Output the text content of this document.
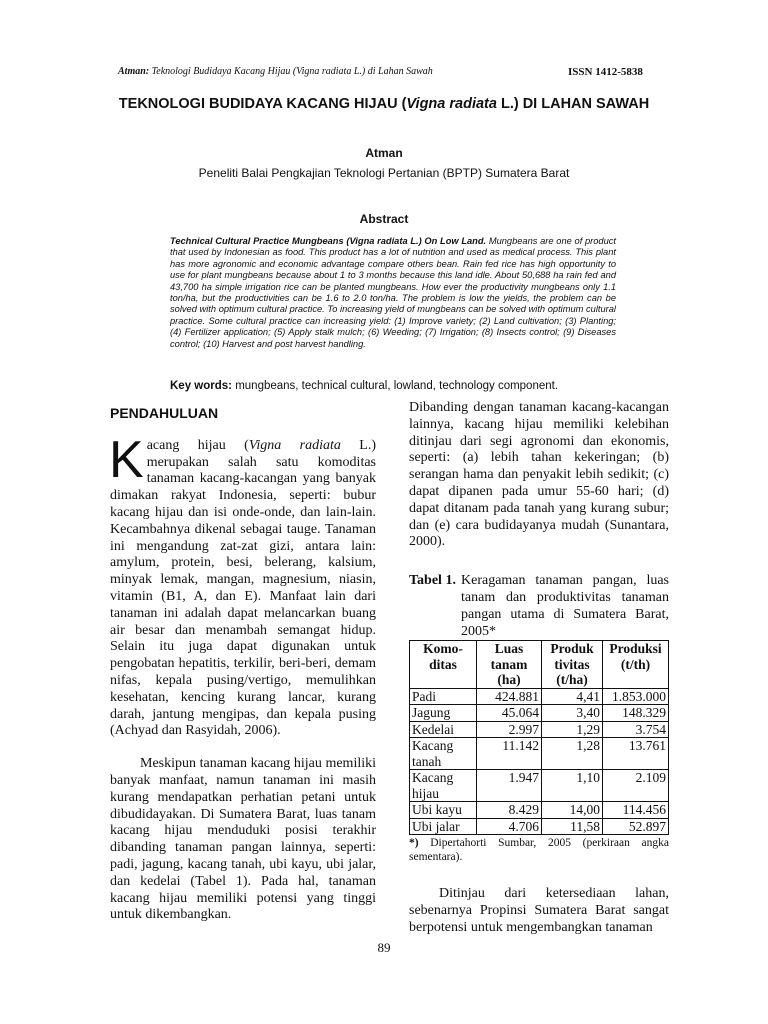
Atman: Teknologi Budidaya Kacang Hijau (Vigna radiata L.) di Lahan Sawah	ISSN 1412-5838
TEKNOLOGI BUDIDAYA KACANG HIJAU (Vigna radiata L.) DI LAHAN SAWAH
Atman
Peneliti Balai Pengkajian Teknologi Pertanian (BPTP) Sumatera Barat
Abstract
Technical Cultural Practice Mungbeans (Vigna radiata L.) On Low Land. Mungbeans are one of product that used by Indonesian as food. This product has a lot of nutrition and used as medical process. This plant has more agronomic and economic advantage compare others bean. Rain fed rice has high opportunity to use for plant mungbeans because about 1 to 3 months because this land idle. About 50,688 ha rain fed and 43,700 ha simple irrigation rice can be planted mungbeans. How ever the productivity mungbeans only 1.1 ton/ha, but the productivities can be 1.6 to 2.0 ton/ha. The problem is low the yields, the problem can be solved with optimum cultural practice. To increasing yield of mungbeans can be solved with optimum cultural practice. Some cultural practice can increasing yield: (1) Improve variety; (2) Land cultivation; (3) Planting; (4) Fertilizer application; (5) Apply stalk mulch; (6) Weeding; (7) Irrigation; (8) Insects control; (9) Diseases control; (10) Harvest and post harvest handling.
Key words: mungbeans, technical cultural, lowland, technology component.
PENDAHULUAN

Kacang hijau (Vigna radiata L.) merupakan salah satu komoditas tanaman kacang-kacangan yang banyak dimakan rakyat Indonesia, seperti: bubur kacang hijau dan isi onde-onde, dan lain-lain. Kecambahnya dikenal sebagai tauge. Tanaman ini mengandung zat-zat gizi, antara lain: amylum, protein, besi, belerang, kalsium, minyak lemak, mangan, magnesium, niasin, vitamin (B1, A, dan E). Manfaat lain dari tanaman ini adalah dapat melancarkan buang air besar dan menambah semangat hidup. Selain itu juga dapat digunakan untuk pengobatan hepatitis, terkilir, beri-beri, demam nifas, kepala pusing/vertigo, memulihkan kesehatan, kencing kurang lancar, kurang darah, jantung mengipas, dan kepala pusing (Achyad dan Rasyidah, 2006).

Meskipun tanaman kacang hijau memiliki banyak manfaat, namun tanaman ini masih kurang mendapatkan perhatian petani untuk dibudidayakan. Di Sumatera Barat, luas tanam kacang hijau menduduki posisi terakhir dibanding tanaman pangan lainnya, seperti: padi, jagung, kacang tanah, ubi kayu, ubi jalar, dan kedelai (Tabel 1). Pada hal, tanaman kacang hijau memiliki potensi yang tinggi untuk dikembangkan.

Dibanding dengan tanaman kacang-kacangan lainnya, kacang hijau memiliki kelebihan ditinjau dari segi agronomi dan ekonomis, seperti: (a) lebih tahan kekeringan; (b) serangan hama dan penyakit lebih sedikit; (c) dapat dipanen pada umur 55-60 hari; (d) dapat ditanam pada tanah yang kurang subur; dan (e) cara budidayanya mudah (Sunantara, 2000).

Tabel 1. Keragaman tanaman pangan, luas tanam dan produktivitas tanaman pangan utama di Sumatera Barat, 2005*
Komo-ditas	Luas tanam (ha)	Produk tivitas (t/ha)	Produksi (t/th)
Padi	424.881	4,41	1.853.000
Jagung	45.064	3,40	148.329
Kedelai	2.997	1,29	3.754
Kacang tanah	11.142	1,28	13.761
Kacang hijau	1.947	1,10	2.109
Ubi kayu	8.429	14,00	114.456
Ubi jalar	4.706	11,58	52.897
*) Dipertahorti Sumbar, 2005 (perkiraan angka sementara).

Ditinjau dari ketersediaan lahan, sebenarnya Propinsi Sumatera Barat sangat berpotensi untuk mengembangkan tanaman

89
